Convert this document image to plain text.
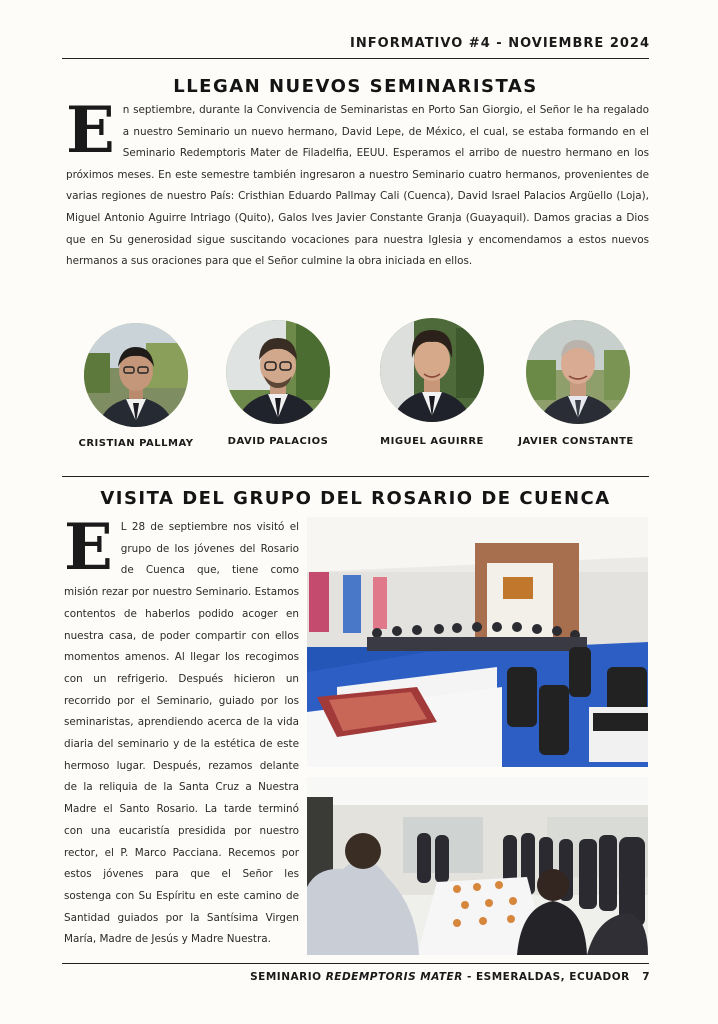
INFORMATIVO #4 - NOVIEMBRE 2024
LLEGAN NUEVOS SEMINARISTAS
E n septiembre, durante la Convivencia de Seminaristas en Porto San Giorgio, el Señor le ha regalado a nuestro Seminario un nuevo hermano, David Lepe, de México, el cual, se estaba formando en el Seminario Redemptoris Mater de Filadelfia, EEUU. Esperamos el arribo de nuestro hermano en los próximos meses. En este semestre también ingresaron a nuestro Seminario cuatro hermanos, provenientes de varias regiones de nuestro País: Cristhian Eduardo Pallmay Cali (Cuenca), David Israel Palacios Argüello (Loja), Miguel Antonio Aguirre Intriago (Quito), Galos Ives Javier Constante Granja (Guayaquil). Damos gracias a Dios que en Su generosidad sigue suscitando vocaciones para nuestra Iglesia y encomendamos a estos nuevos hermanos a sus oraciones para que el Señor culmine la obra iniciada en ellos.
CRISTIAN PALLMAY	DAVID PALACIOS	MIGUEL AGUIRRE	JAVIER CONSTANTE
VISITA DEL GRUPO DEL ROSARIO DE CUENCA
E L 28 de septiembre nos visitó el grupo de los jóvenes del Rosario de Cuenca que, tiene como misión rezar por nuestro Seminario. Estamos contentos de haberlos podido acoger en nuestra casa, de poder compartir con ellos momentos amenos. Al llegar los recogimos con un refrigerio. Después hicieron un recorrido por el Seminario, guiado por los seminaristas, aprendiendo acerca de la vida diaria del seminario y de la estética de este hermoso lugar. Después, rezamos delante de la reliquia de la Santa Cruz a Nuestra Madre el Santo Rosario. La tarde terminó con una eucaristía presidida por nuestro rector, el P. Marco Pacciana. Recemos por estos jóvenes para que el Señor les sostenga con Su Espíritu en este camino de Santidad guiados por la Santísima Virgen María, Madre de Jesús y Madre Nuestra.
SEMINARIO REDEMPTORIS MATER - ESMERALDAS, ECUADOR 7
